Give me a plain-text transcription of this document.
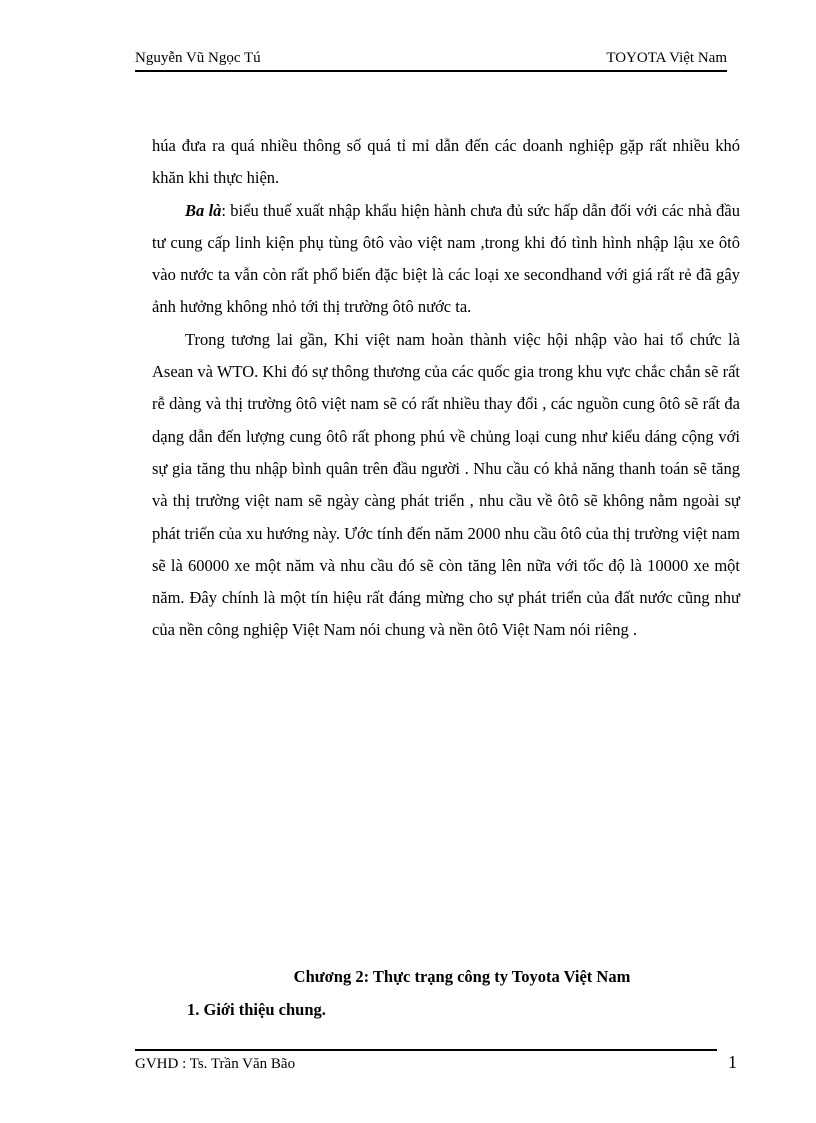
Nguyễn Vũ Ngọc Tú	TOYOTA Việt Nam

húa đưa ra quá nhiều thông số quá tỉ mỉ dẫn đến các doanh nghiệp gặp rất nhiều khó khăn khi thực hiện.

Ba là: biểu thuế xuất nhập khẩu hiện hành chưa đủ sức hấp dẫn đối với các nhà đầu tư cung cấp linh kiện phụ tùng ôtô vào việt nam ,trong khi đó tình hình nhập lậu xe ôtô vào nước ta vẫn còn rất phổ biến đặc biệt là các loại xe secondhand với giá rất rẻ đã gây ảnh hưởng không nhỏ tới thị trường ôtô nước ta.

Trong tương lai gần, Khi việt nam hoàn thành việc hội nhập vào hai tổ chức là Asean và WTO. Khi đó sự thông thương của các quốc gia trong khu vực chắc chắn sẽ rất rễ dàng và thị trường ôtô việt nam sẽ có rất nhiều thay đổi , các nguồn cung ôtô sẽ rất đa dạng dẫn đến lượng cung ôtô rất phong phú về chủng loại cung như kiểu dáng cộng với sự gia tăng thu nhập bình quân trên đầu người . Nhu cầu có khả năng thanh toán sẽ tăng và thị trường việt nam sẽ ngày càng phát triển , nhu cầu về ôtô sẽ không nằm ngoài sự phát triển của xu hướng này. Ước tính đến năm 2000 nhu cầu ôtô của thị trường việt nam sẽ là 60000 xe một năm và nhu cầu đó sẽ còn tăng lên nữa với tốc độ là 10000 xe một năm. Đây chính là một tín hiệu rất đáng mừng cho sự phát triển của đất nước cũng như của nền công nghiệp Việt Nam nói chung và nền ôtô Việt Nam nói riêng .

Chương 2: Thực trạng công ty Toyota Việt Nam
1. Giới thiệu chung.
GVHD : Ts. Trần Văn Bão	1
